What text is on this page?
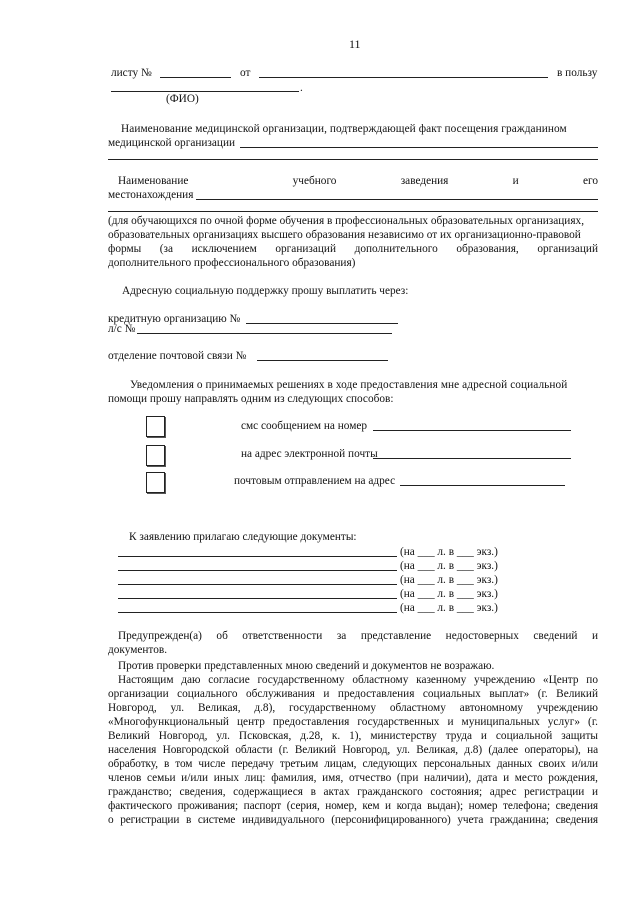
11
листу №	от	в пользу
.
(ФИО)
Наименование медицинской организации, подтверждающей факт посещения гражданином
медицинской организации
Наименование	учебного	заведения	и	его
местонахождения
(для обучающихся по очной форме обучения в профессиональных образовательных организациях,
образовательных организациях высшего образования независимо от их организационно-правовой
формы (за исключением организаций дополнительного образования, организаций
дополнительного профессионального образования)
Адресную социальную поддержку прошу выплатить через:
кредитную организацию №
л/с №
отделение почтовой связи №
Уведомления о принимаемых решениях в ходе предоставления мне адресной социальной
помощи прошу направлять одним из следующих способов:
смс сообщением на номер
на адрес электронной почты
почтовым отправлением на адрес
К заявлению прилагаю следующие документы:
(на ___ л. в ___ экз.)
(на ___ л. в ___ экз.)
(на ___ л. в ___ экз.)
(на ___ л. в ___ экз.)
(на ___ л. в ___ экз.)
Предупрежден(а) об ответственности за представление недостоверных сведений и
документов.
Против проверки представленных мною сведений и документов не возражаю.
Настоящим даю согласие государственному областному казенному учреждению «Центр по
организации социального обслуживания и предоставления социальных выплат» (г. Великий
Новгород, ул. Великая, д.8), государственному областному автономному учреждению
«Многофункциональный центр предоставления государственных и муниципальных услуг» (г.
Великий Новгород, ул. Псковская, д.28, к. 1), министерству труда и социальной защиты
населения Новгородской области (г. Великий Новгород, ул. Великая, д.8) (далее операторы), на
обработку, в том числе передачу третьим лицам, следующих персональных данных своих и/или
членов семьи и/или иных лиц: фамилия, имя, отчество (при наличии), дата и место рождения,
гражданство; сведения, содержащиеся в актах гражданского состояния; адрес регистрации и
фактического проживания; паспорт (серия, номер, кем и когда выдан); номер телефона; сведения
о регистрации в системе индивидуального (персонифицированного) учета гражданина; сведения
